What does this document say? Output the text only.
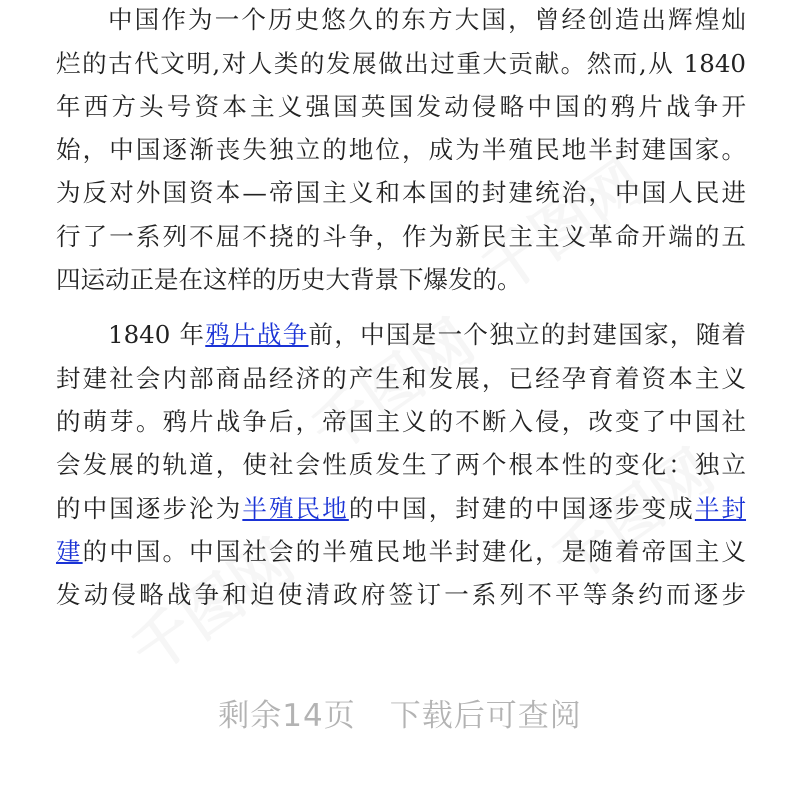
中国作为一个历史悠久的东方大国，曾经创造出辉煌灿
烂的古代文明,对人类的发展做出过重大贡献。然而,从 1840
年西方头号资本主义强国英国发动侵略中国的鸦片战争开
始，中国逐渐丧失独立的地位，成为半殖民地半封建国家。
为反对外国资本—帝国主义和本国的封建统治，中国人民进
行了一系列不屈不挠的斗争，作为新民主主义革命开端的五
四运动正是在这样的历史大背景下爆发的。
1840 年鸦片战争前，中国是一个独立的封建国家，随着
封建社会内部商品经济的产生和发展，已经孕育着资本主义
的萌芽。鸦片战争后，帝国主义的不断入侵，改变了中国社
会发展的轨道，使社会性质发生了两个根本性的变化：独立
的中国逐步沦为半殖民地的中国，封建的中国逐步变成半封
建的中国。中国社会的半殖民地半封建化，是随着帝国主义
发动侵略战争和迫使清政府签订一系列不平等条约而逐步
剩余14页 下载后可查阅
